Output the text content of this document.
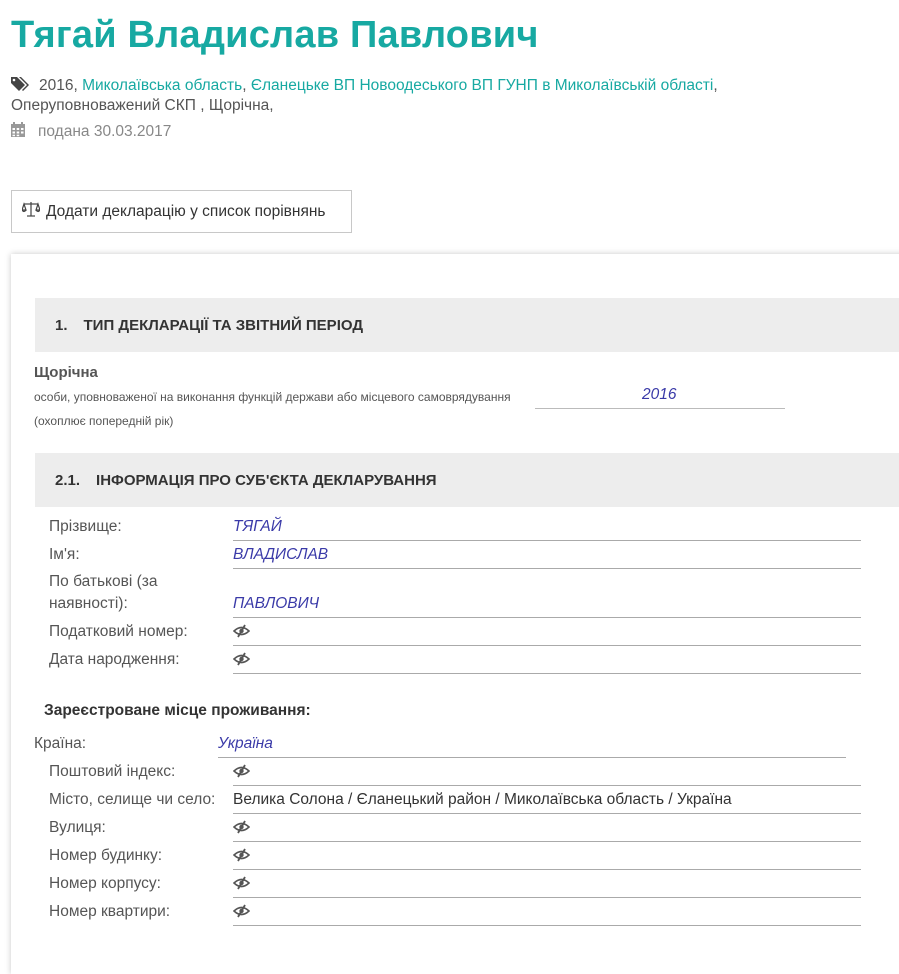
Тягай Владислав Павлович
2016, Миколаївська область, Єланецьке ВП Новоодеського ВП ГУНП в Миколаївській області,
Оперуповноважений СКП , Щорічна,
подана 30.03.2017
Додати декларацію у список порівнянь
1. ТИП ДЕКЛАРАЦІЇ ТА ЗВІТНИЙ ПЕРІОД
Щорічна
особи, уповноваженої на виконання функцій держави або місцевого самоврядування
(охоплює попередній рік)
2016
2.1. ІНФОРМАЦІЯ ПРО СУБ'ЄКТА ДЕКЛАРУВАННЯ
Прізвище:	ТЯГАЙ
Ім'я:	ВЛАДИСЛАВ
По батькові (за наявності):	ПАВЛОВИЧ
Податковий номер:
Дата народження:
Зареєстроване місце проживання:
Країна:	Україна
Поштовий індекс:
Місто, селище чи село: Велика Солона / Єланецький район / Миколаївська область / Україна
Вулиця:
Номер будинку:
Номер корпусу:
Номер квартири:
